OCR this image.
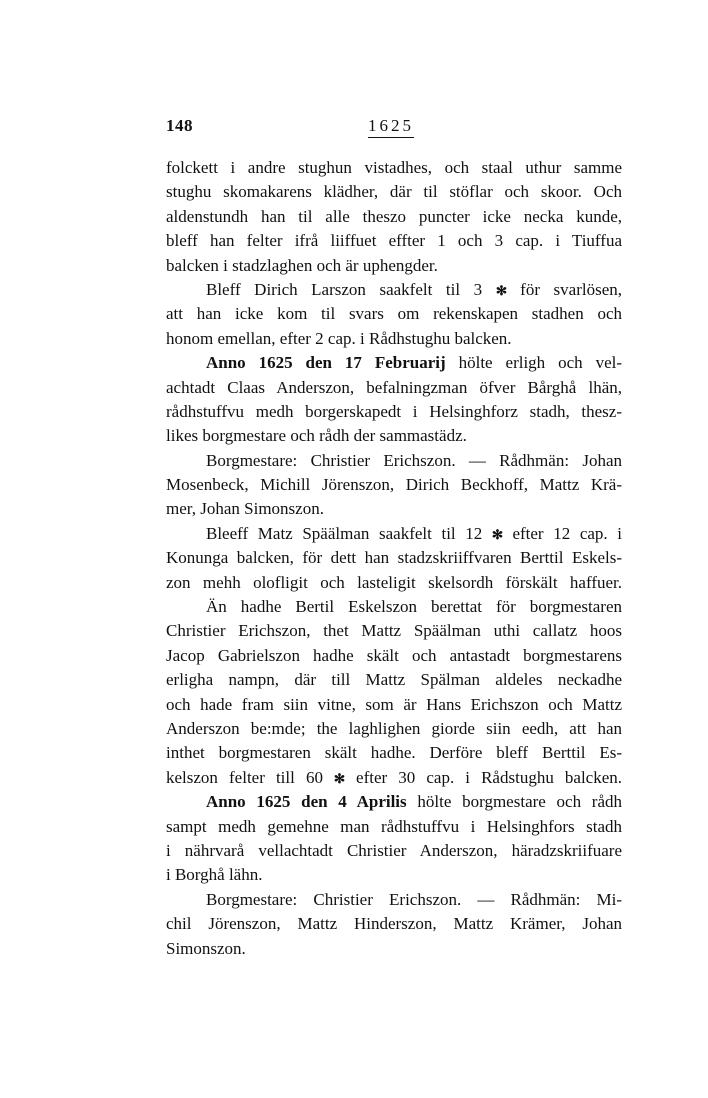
148	1625
folckett i andre stughun vistadhes, och staal uthur samme
stughu skomakarens klädher, där til stöflar och skoor. Och
aldenstundh han til alle theszo puncter icke necka kunde,
bleff han felter ifrå liiffuet effter 1 och 3 cap. i Tiuffua
balcken i stadzlaghen och är uphengder.
Bleff Dirich Larszon saakfelt til 3 ✻ för svarlösen,
att han icke kom til svars om rekenskapen stadhen och
honom emellan, efter 2 cap. i Rådhstughu balcken.
Anno 1625 den 17 Februarij hölte erligh och vel-
achtadt Claas Anderszon, befalningzman öfver Bårghå lhän,
rådhstuffvu medh borgerskapedt i Helsinghforz stadh, thesz-
likes borgmestare och rådh der sammastädz.
Borgmestare: Christier Erichszon. — Rådhmän: Johan
Mosenbeck, Michill Jörenszon, Dirich Beckhoff, Mattz Krä-
mer, Johan Simonszon.
Bleeff Matz Späälman saakfelt til 12 ✻ efter 12 cap. i
Konunga balcken, för dett han stadzskriiffvaren Berttil Eskels-
zon mehh olofligit och lasteligit skelsordh förskält haffuer.
Än hadhe Bertil Eskelszon berettat för borgmestaren
Christier Erichszon, thet Mattz Späälman uthi callatz hoos
Jacop Gabrielszon hadhe skält och antastadt borgmestarens
erligha nampn, där till Mattz Spälman aldeles neckadhe
och hade fram siin vitne, som är Hans Erichszon och Mattz
Anderszon be:mde; the laghlighen giorde siin eedh, att han
inthet borgmestaren skält hadhe. Derföre bleff Berttil Es-
kelszon felter till 60 ✻ efter 30 cap. i Rådstughu balcken.
Anno 1625 den 4 Aprilis hölte borgmestare och rådh
sampt medh gemehne man rådhstuffvu i Helsinghfors stadh
i nährvarå vellachtadt Christier Anderszon, häradzskriifuare
i Borghå lähn.
Borgmestare: Christier Erichszon. — Rådhmän: Mi-
chil Jörenszon, Mattz Hinderszon, Mattz Krämer, Johan
Simonszon.
